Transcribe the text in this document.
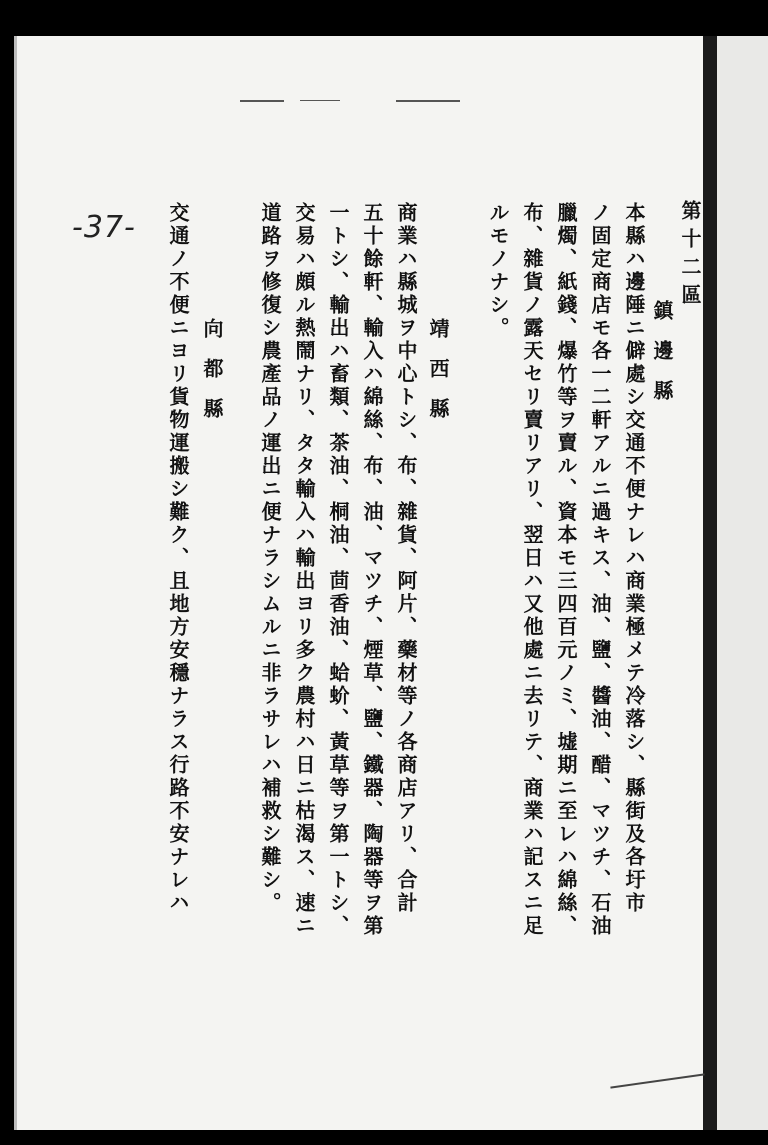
-37-	第十二區
鎮邊縣
本縣ハ邊陲ニ僻處シ交通不便ナレハ商業極メテ冷落シ、縣街及各圩市
ノ固定商店モ各一二軒アルニ過キス、油、鹽、醬油、醋、マツチ、石油
臘燭、紙錢、爆竹等ヲ賣ル、資本モ三四百元ノミ、墟期ニ至レハ綿絲、
布、雜貨ノ露天セリ賣リアリ、翌日ハ又他處ニ去リテ、商業ハ記スニ足
ルモノナシ。
靖西縣
商業ハ縣城ヲ中心トシ、布、雜貨、阿片、藥材等ノ各商店アリ、合計
五十餘軒、輸入ハ綿絲、布、油、マツチ、煙草、鹽、鐵器、陶器等ヲ第
一トシ、輸出ハ畜類、茶油、桐油、茴香油、蛤蚧、黃草等ヲ第一トシ、
交易ハ頗ル熱鬧ナリ、タタ輸入ハ輸出ヨリ多ク農村ハ日ニ枯渴ス、速ニ
道路ヲ修復シ農產品ノ運出ニ便ナラシムルニ非ラサレハ補救シ難シ。
向都縣
交通ノ不便ニヨリ貨物運搬シ難ク、且地方安穩ナラス行路不安ナレハ
